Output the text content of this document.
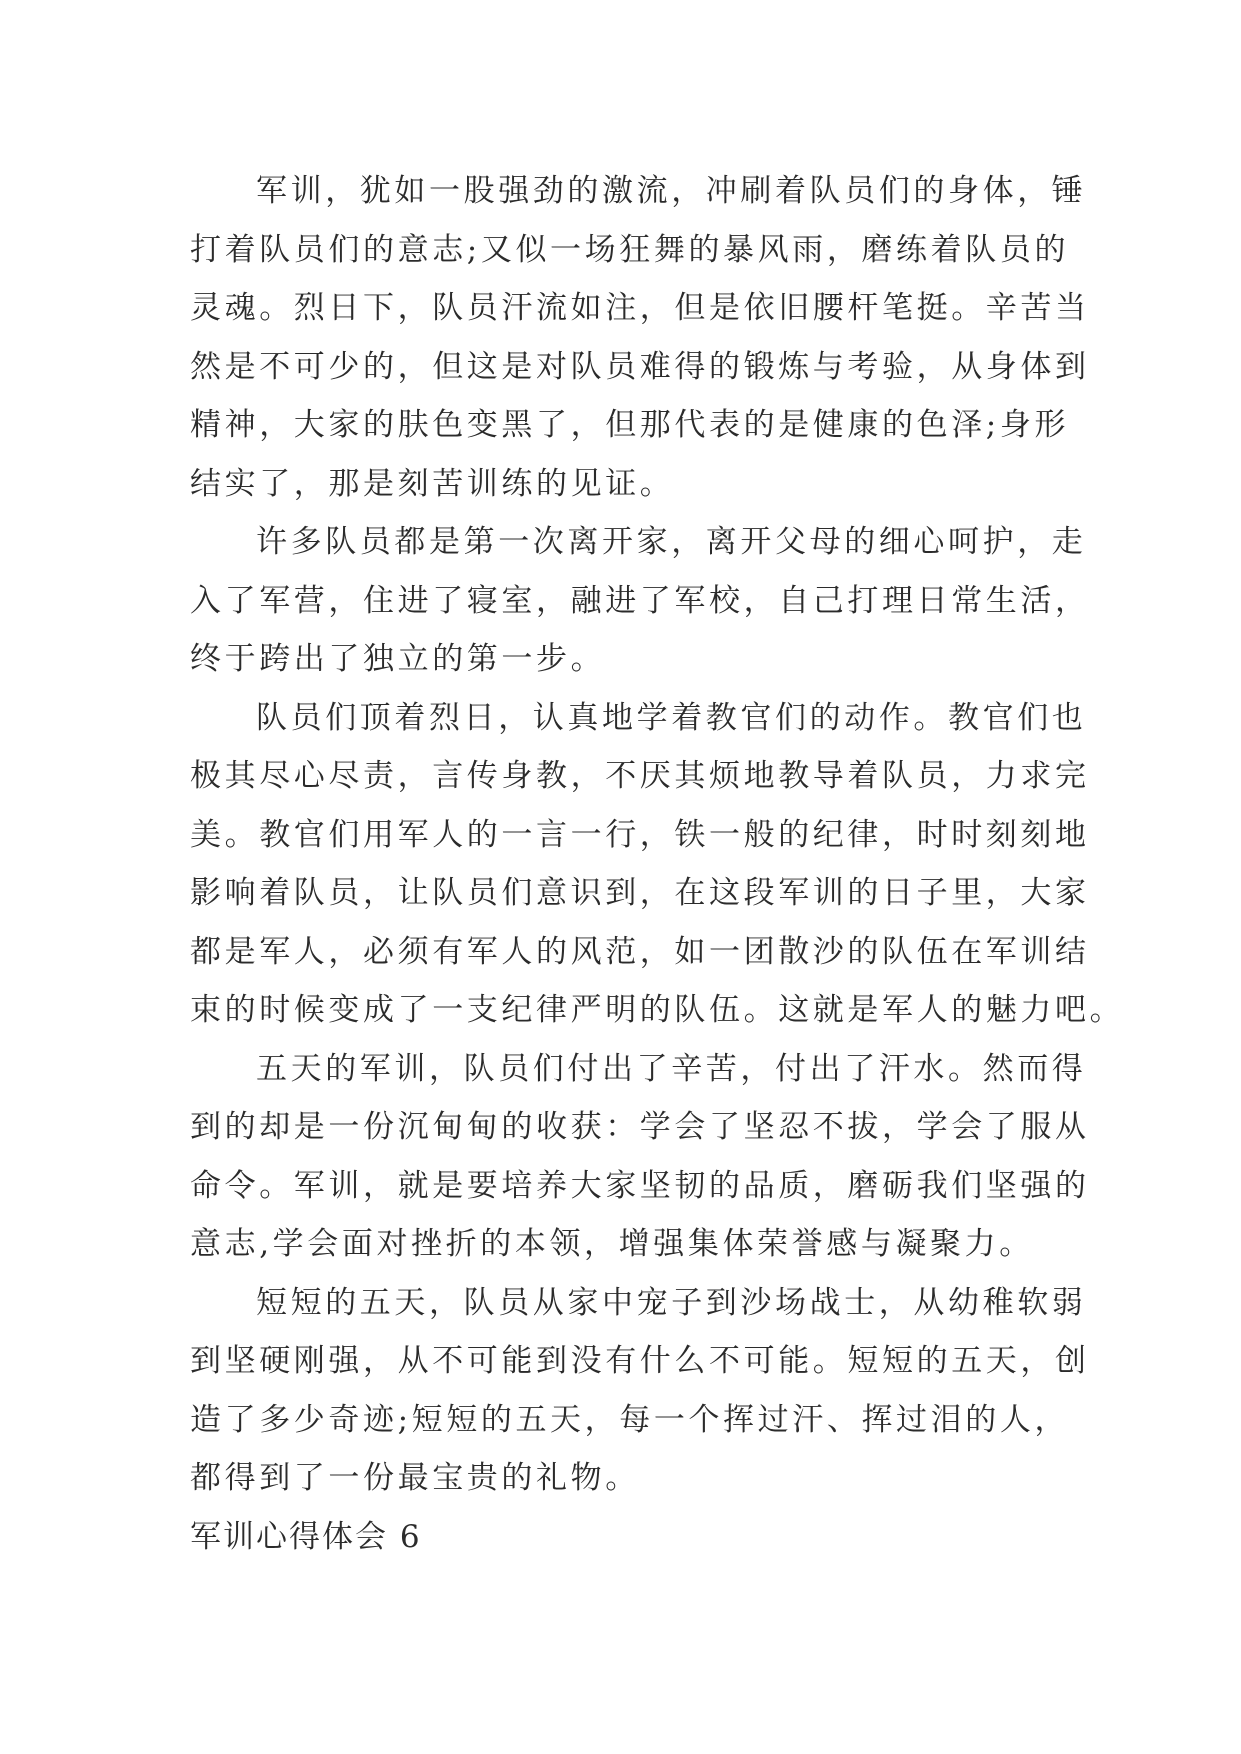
军训，犹如一股强劲的激流，冲刷着队员们的身体，锤
打着队员们的意志;又似一场狂舞的暴风雨，磨练着队员的
灵魂。烈日下，队员汗流如注，但是依旧腰杆笔挺。辛苦当
然是不可少的，但这是对队员难得的锻炼与考验，从身体到
精神，大家的肤色变黑了，但那代表的是健康的色泽;身形
结实了，那是刻苦训练的见证。
许多队员都是第一次离开家，离开父母的细心呵护，走
入了军营，住进了寝室，融进了军校，自己打理日常生活，
终于跨出了独立的第一步。
队员们顶着烈日，认真地学着教官们的动作。教官们也
极其尽心尽责，言传身教，不厌其烦地教导着队员，力求完
美。教官们用军人的一言一行，铁一般的纪律，时时刻刻地
影响着队员，让队员们意识到，在这段军训的日子里，大家
都是军人，必须有军人的风范，如一团散沙的队伍在军训结
束的时候变成了一支纪律严明的队伍。这就是军人的魅力吧。
五天的军训，队员们付出了辛苦，付出了汗水。然而得
到的却是一份沉甸甸的收获：学会了坚忍不拔，学会了服从
命令。军训，就是要培养大家坚韧的品质，磨砺我们坚强的
意志,学会面对挫折的本领，增强集体荣誉感与凝聚力。
短短的五天，队员从家中宠子到沙场战士，从幼稚软弱
到坚硬刚强，从不可能到没有什么不可能。短短的五天，创
造了多少奇迹;短短的五天，每一个挥过汗、挥过泪的人，
都得到了一份最宝贵的礼物。
军训心得体会 6
